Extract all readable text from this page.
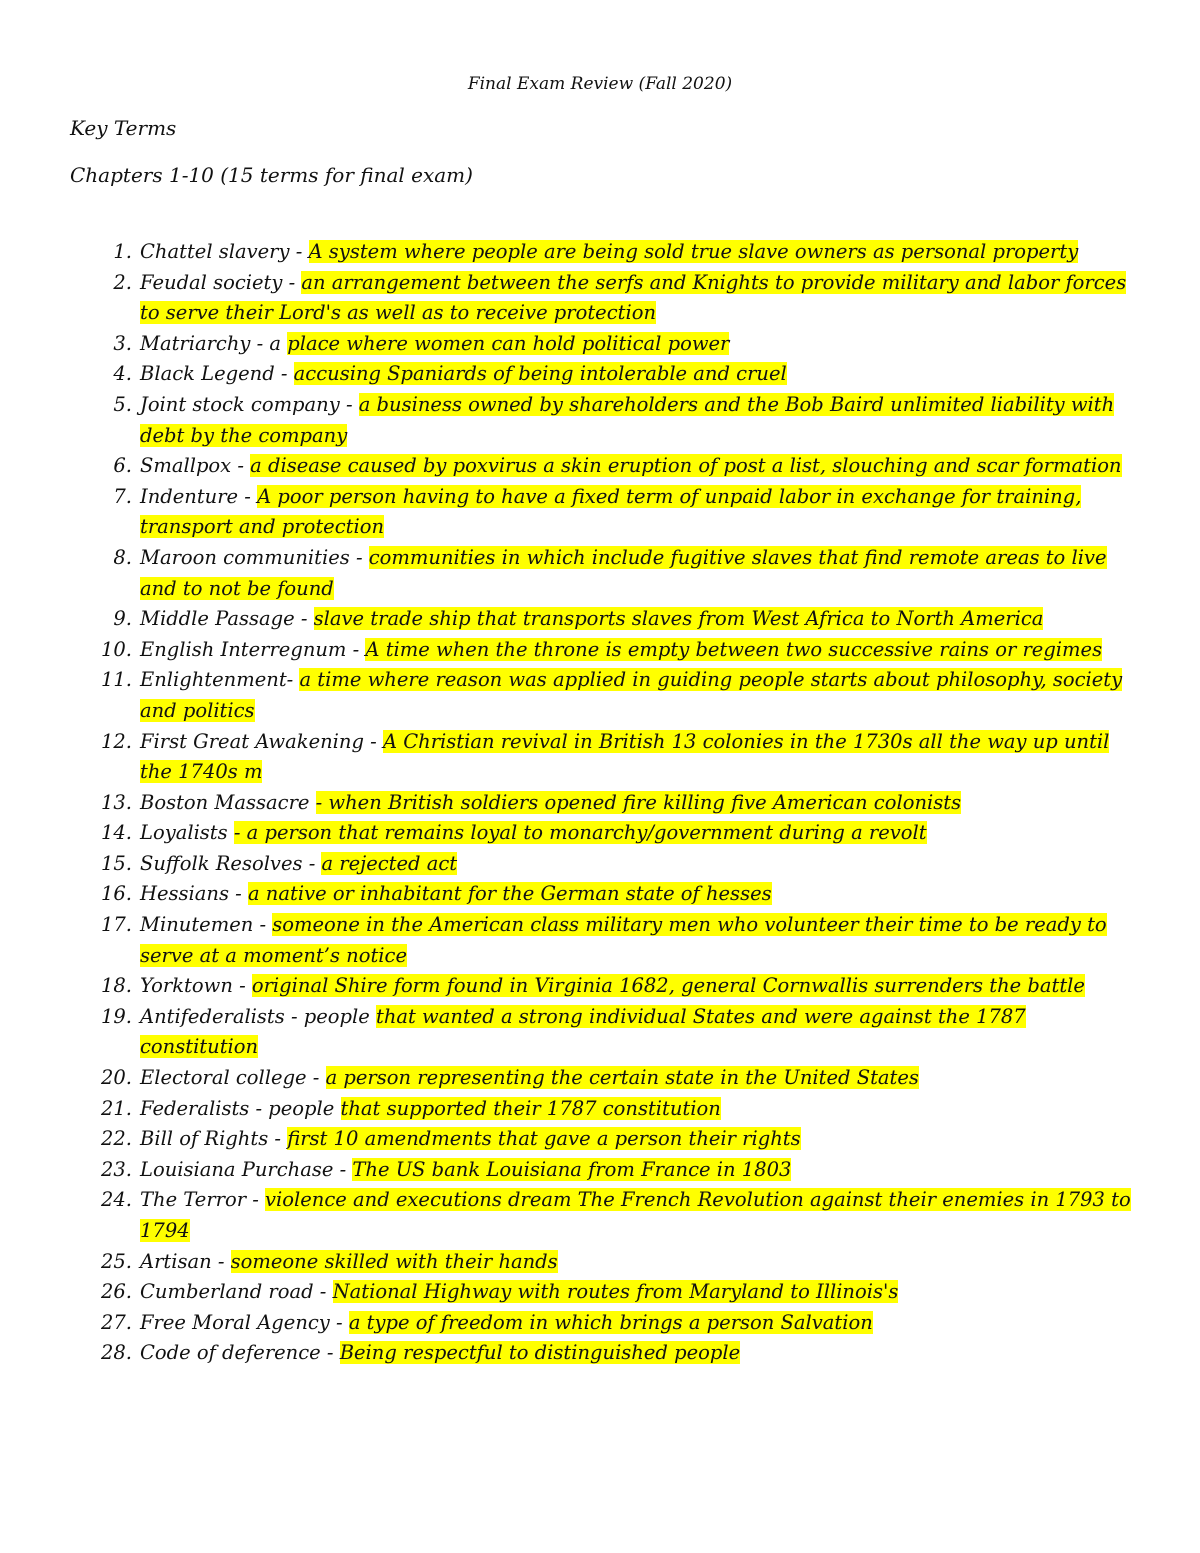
Final Exam Review (Fall 2020)
Key Terms
Chapters 1-10 (15 terms for final exam)
1. Chattel slavery - A system where people are being sold true slave owners as personal property
2. Feudal society - an arrangement between the serfs and Knights to provide military and labor forces to serve their Lord's as well as to receive protection
3. Matriarchy - a place where women can hold political power
4. Black Legend - accusing Spaniards of being intolerable and cruel
5. Joint stock company - a business owned by shareholders and the Bob Baird unlimited liability with debt by the company
6. Smallpox - a disease caused by poxvirus a skin eruption of post a list, slouching and scar formation
7. Indenture - A poor person having to have a fixed term of unpaid labor in exchange for training, transport and protection
8. Maroon communities - communities in which include fugitive slaves that find remote areas to live and to not be found
9. Middle Passage - slave trade ship that transports slaves from West Africa to North America
10. English Interregnum - A time when the throne is empty between two successive rains or regimes
11. Enlightenment- a time where reason was applied in guiding people starts about philosophy, society and politics
12. First Great Awakening - A Christian revival in British 13 colonies in the 1730s all the way up until the 1740s m
13. Boston Massacre - when British soldiers opened fire killing five American colonists
14. Loyalists - a person that remains loyal to monarchy/government during a revolt
15. Suffolk Resolves - a rejected act
16. Hessians - a native or inhabitant for the German state of hesses
17. Minutemen - someone in the American class military men who volunteer their time to be ready to serve at a moment’s notice
18. Yorktown - original Shire form found in Virginia 1682, general Cornwallis surrenders the battle
19. Antifederalists - people that wanted a strong individual States and were against the 1787 constitution
20. Electoral college - a person representing the certain state in the United States
21. Federalists - people that supported their 1787 constitution
22. Bill of Rights - first 10 amendments that gave a person their rights
23. Louisiana Purchase - The US bank Louisiana from France in 1803
24. The Terror - violence and executions dream The French Revolution against their enemies in 1793 to 1794
25. Artisan - someone skilled with their hands
26. Cumberland road - National Highway with routes from Maryland to Illinois's
27. Free Moral Agency - a type of freedom in which brings a person Salvation
28. Code of deference - Being respectful to distinguished people
